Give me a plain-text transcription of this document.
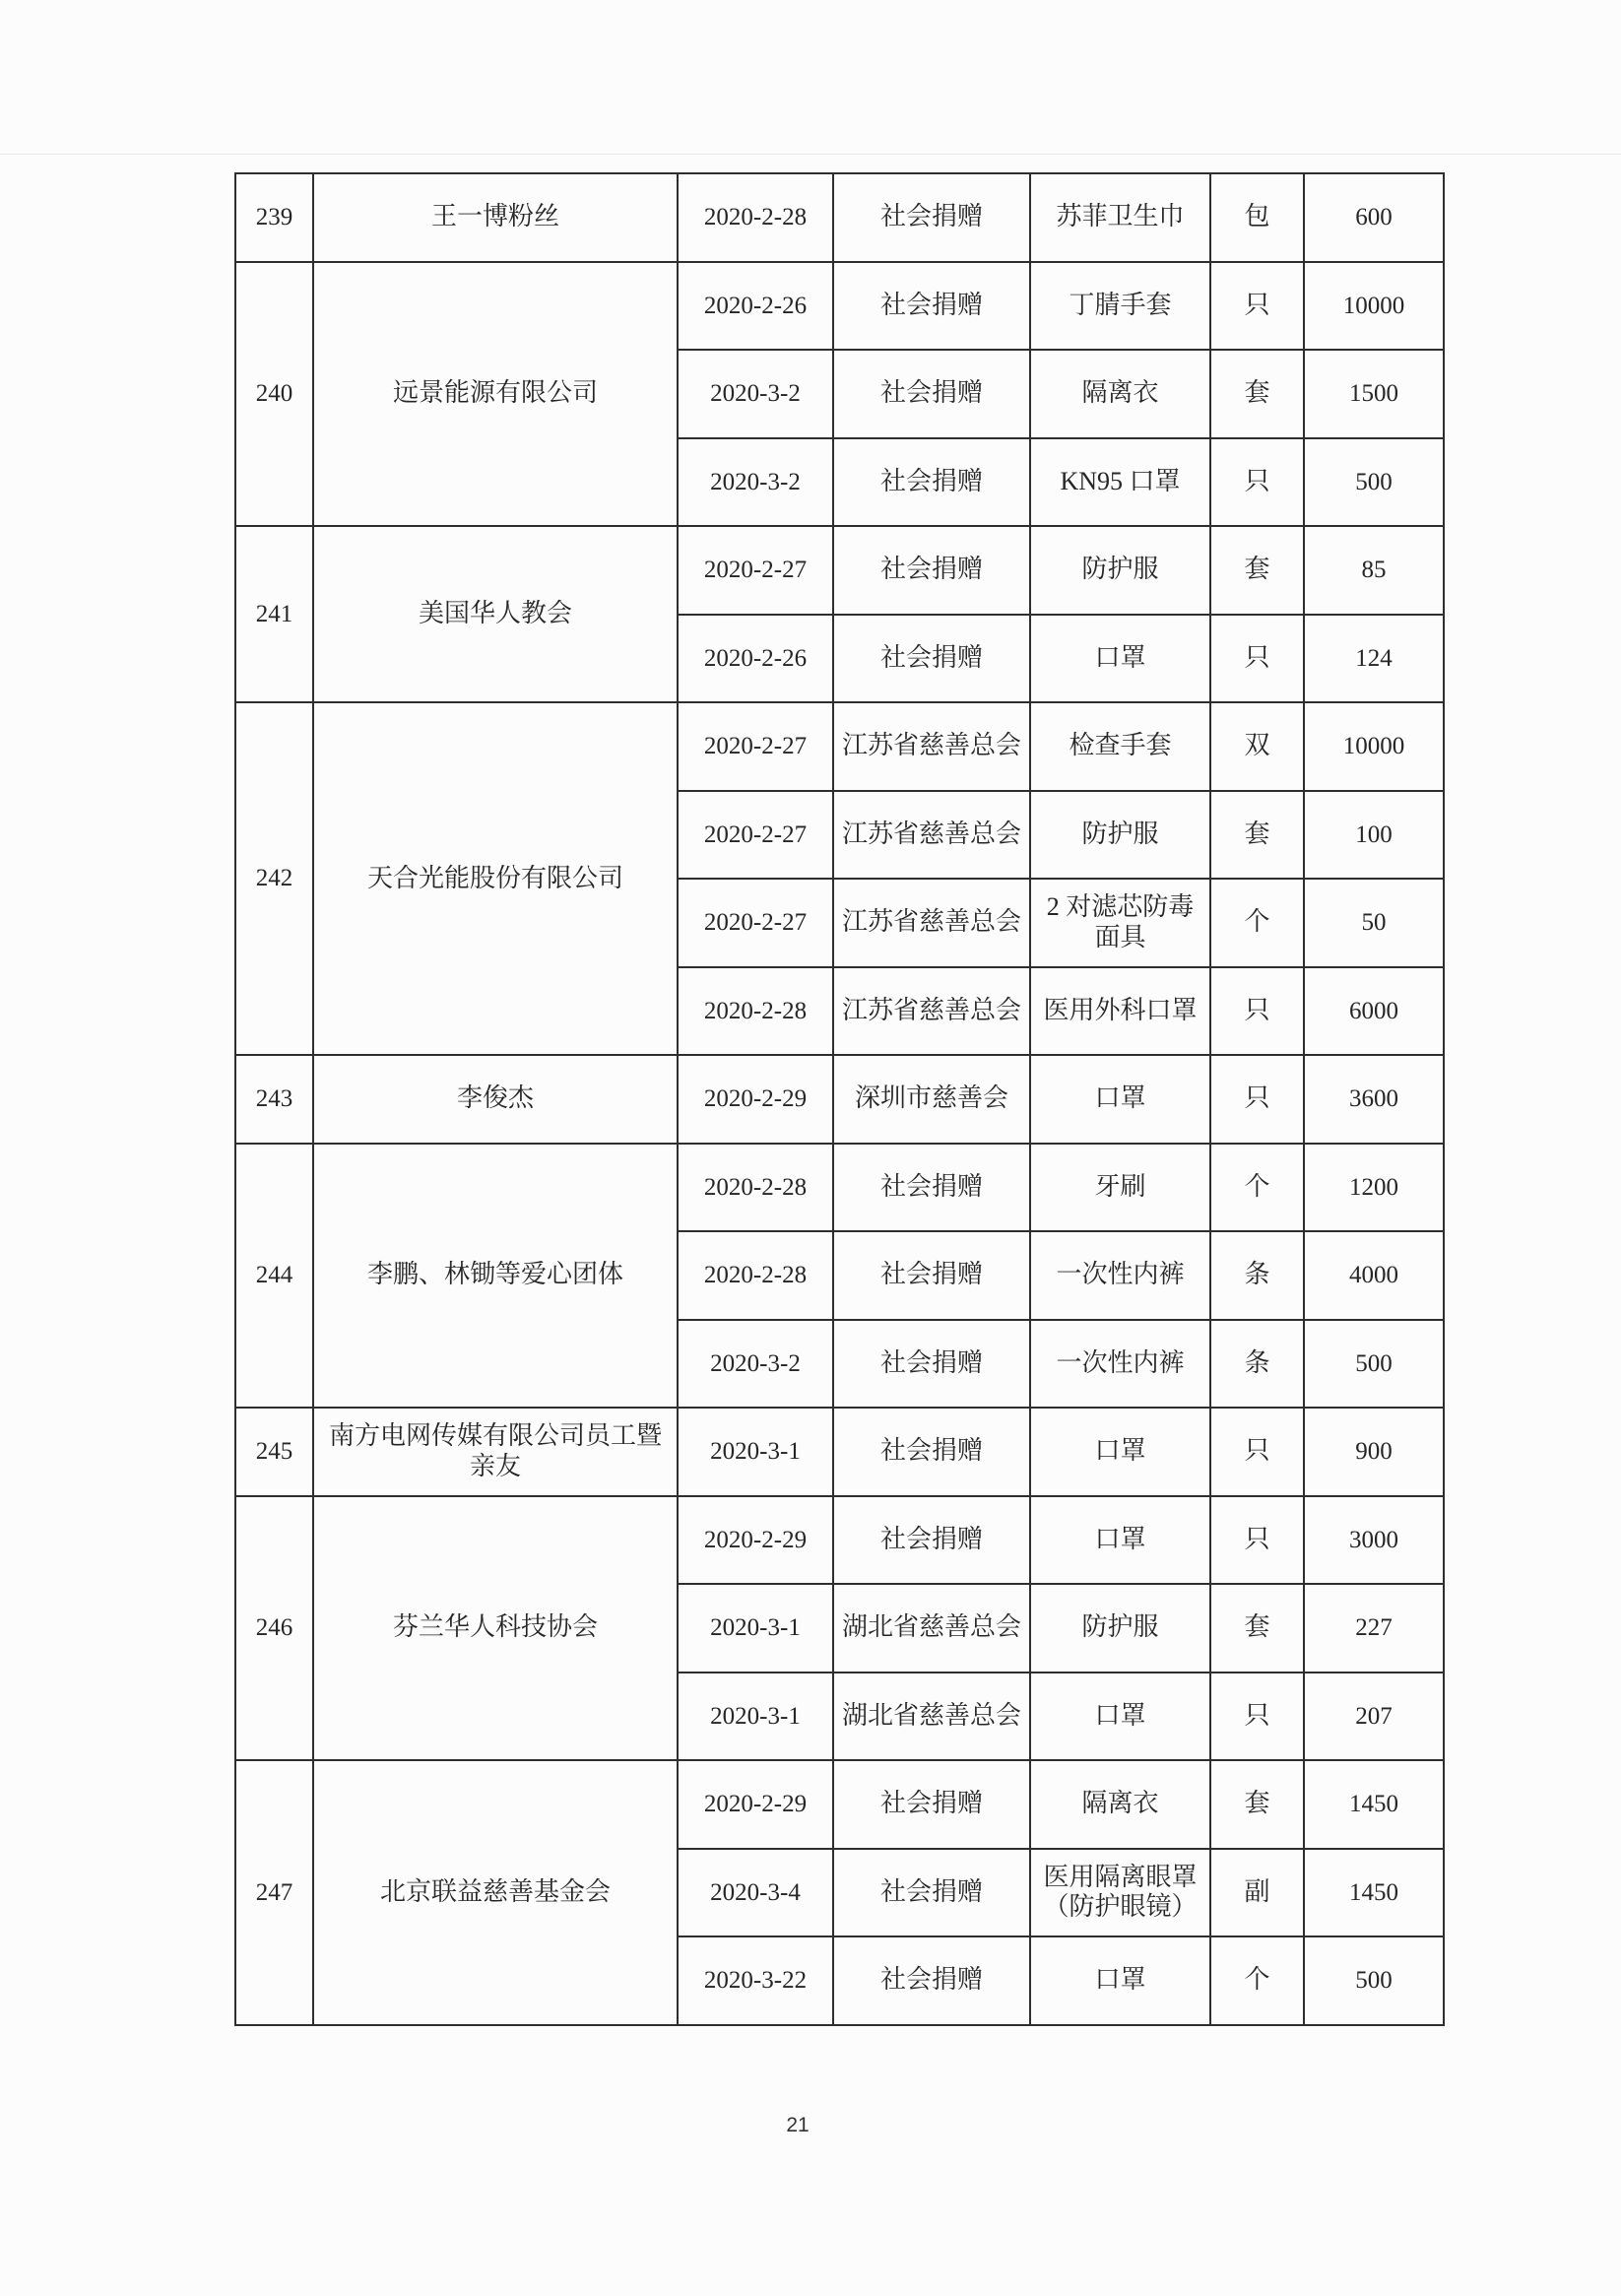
239	王一博粉丝	2020-2-28	社会捐赠	苏菲卫生巾	包	600
240	远景能源有限公司	2020-2-26	社会捐赠	丁腈手套	只	10000
		2020-3-2	社会捐赠	隔离衣	套	1500
		2020-3-2	社会捐赠	KN95 口罩	只	500
241	美国华人教会	2020-2-27	社会捐赠	防护服	套	85
		2020-2-26	社会捐赠	口罩	只	124
242	天合光能股份有限公司	2020-2-27	江苏省慈善总会	检查手套	双	10000
		2020-2-27	江苏省慈善总会	防护服	套	100
		2020-2-27	江苏省慈善总会	2 对滤芯防毒面具	个	50
		2020-2-28	江苏省慈善总会	医用外科口罩	只	6000
243	李俊杰	2020-2-29	深圳市慈善会	口罩	只	3600
244	李鹏、林锄等爱心团体	2020-2-28	社会捐赠	牙刷	个	1200
		2020-2-28	社会捐赠	一次性内裤	条	4000
		2020-3-2	社会捐赠	一次性内裤	条	500
245	南方电网传媒有限公司员工暨亲友	2020-3-1	社会捐赠	口罩	只	900
246	芬兰华人科技协会	2020-2-29	社会捐赠	口罩	只	3000
		2020-3-1	湖北省慈善总会	防护服	套	227
		2020-3-1	湖北省慈善总会	口罩	只	207
247	北京联益慈善基金会	2020-2-29	社会捐赠	隔离衣	套	1450
		2020-3-4	社会捐赠	医用隔离眼罩（防护眼镜）	副	1450
		2020-3-22	社会捐赠	口罩	个	500
21
